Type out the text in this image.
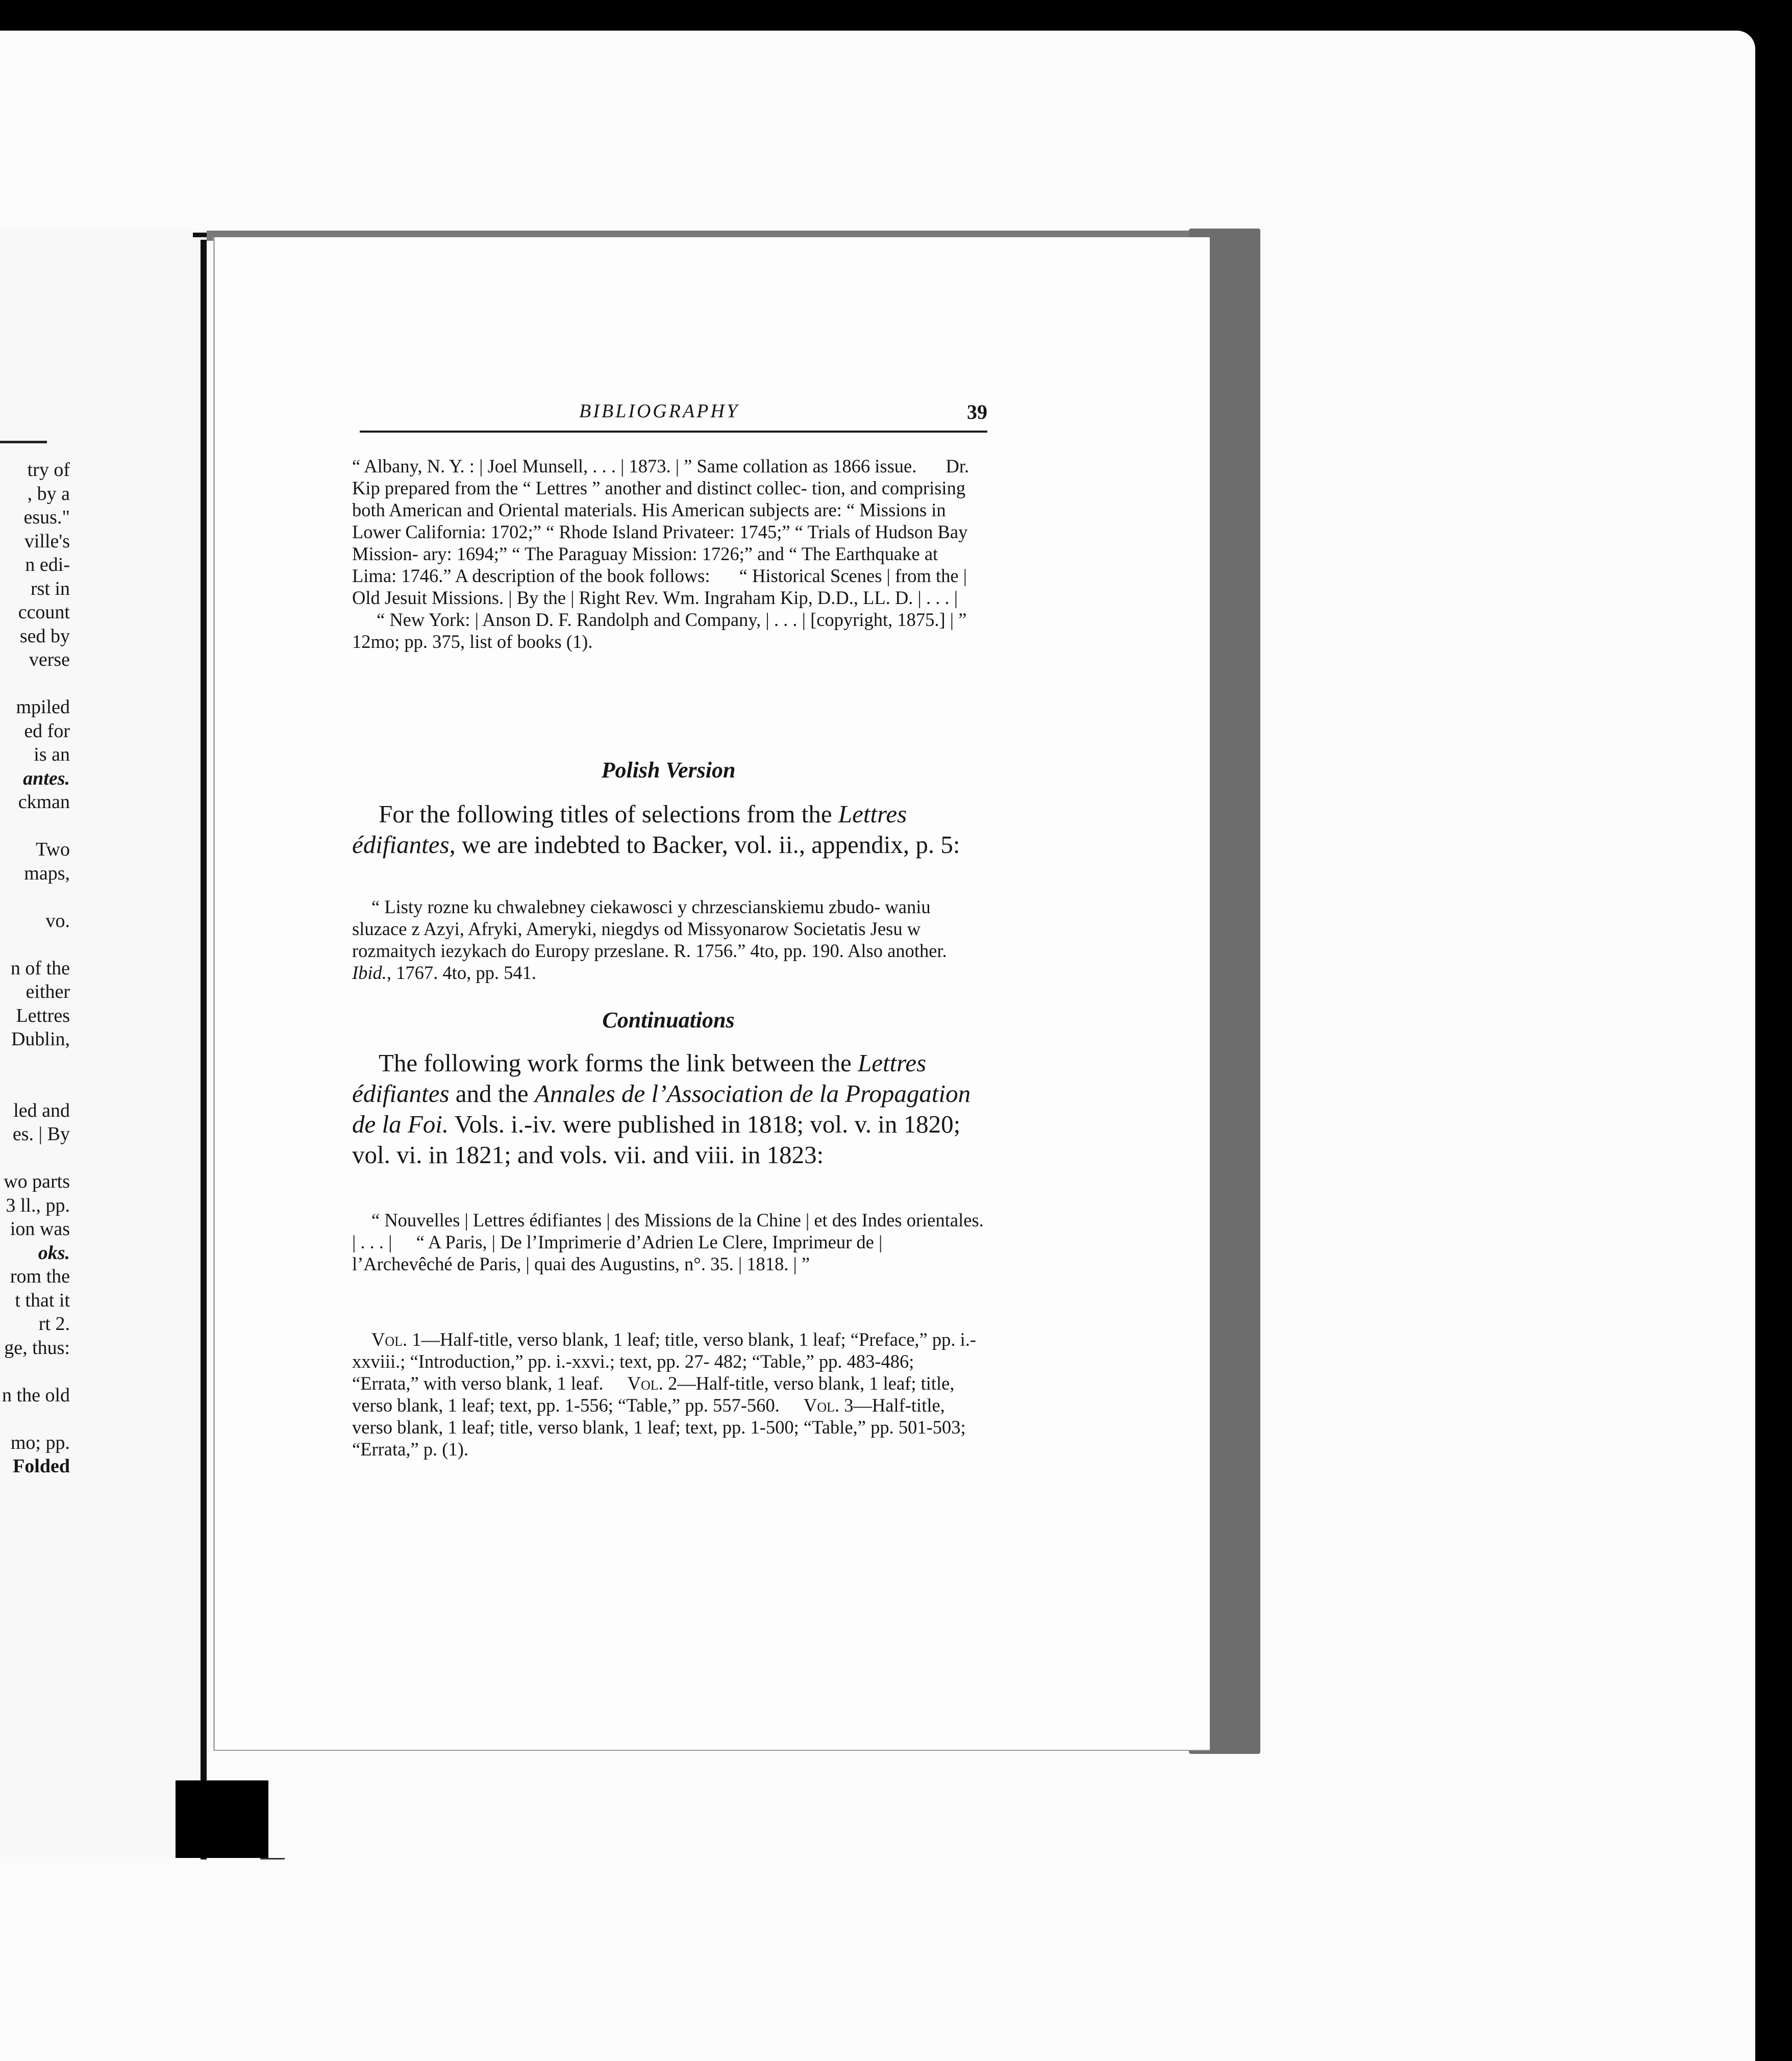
try of
, by a
esus."
ville's
n edi-
rst in
ccount
sed by
verse
mpiled
ed for
is an
antes.
ckman
Two
maps,
vo.
n of the
either
Lettres
Dublin,
led and
es. | By
wo parts
3 ll., pp.
ion was
oks.
rom the
t that it
rt 2.
ge, thus:
n the old
mo; pp.
Folded
BIBLIOGRAPHY	39
“ Albany, N. Y. : | Joel Munsell, . . . | 1873. | ” Same collation as 1866 issue. Dr. Kip prepared from the “ Lettres ” another and distinct collec- tion, and comprising both American and Oriental materials. His American subjects are: “ Missions in Lower California: 1702;” “ Rhode Island Privateer: 1745;” “ Trials of Hudson Bay Mission- ary: 1694;” “ The Paraguay Mission: 1726;” and “ The Earthquake at Lima: 1746.” A description of the book follows: “ Historical Scenes | from the | Old Jesuit Missions. | By the | Right Rev. Wm. Ingraham Kip, D.D., LL. D. | . . . | “ New York: | Anson D. F. Randolph and Company, | . . . | [copyright, 1875.] | ” 12mo; pp. 375, list of books (1).
Polish Version
For the following titles of selections from the Lettres édifiantes, we are indebted to Backer, vol. ii., appendix, p. 5:
“ Listy rozne ku chwalebney ciekawosci y chrzescianskiemu zbudo- waniu sluzace z Azyi, Afryki, Ameryki, niegdys od Missyonarow Societatis Jesu w rozmaitych iezykach do Europy przeslane. R. 1756.” 4to, pp. 190. Also another. Ibid., 1767. 4to, pp. 541.
Continuations
The following work forms the link between the Lettres édifiantes and the Annales de l’Association de la Propagation de la Foi. Vols. i.-iv. were published in 1818; vol. v. in 1820; vol. vi. in 1821; and vols. vii. and viii. in 1823:
“ Nouvelles | Lettres édifiantes | des Missions de la Chine | et des Indes orientales. | . . . | “ A Paris, | De l’Imprimerie d’Adrien Le Clere, Imprimeur de | l’Archevêché de Paris, | quai des Augustins, n°. 35. | 1818. | ”
Vol. 1—Half-title, verso blank, 1 leaf; title, verso blank, 1 leaf; “Preface,” pp. i.-xxviii.; “Introduction,” pp. i.-xxvi.; text, pp. 27- 482; “Table,” pp. 483-486; “Errata,” with verso blank, 1 leaf. Vol. 2—Half-title, verso blank, 1 leaf; title, verso blank, 1 leaf; text, pp. 1-556; “Table,” pp. 557-560. Vol. 3—Half-title, verso blank, 1 leaf; title, verso blank, 1 leaf; text, pp. 1-500; “Table,” pp. 501-503; “Errata,” p. (1).
